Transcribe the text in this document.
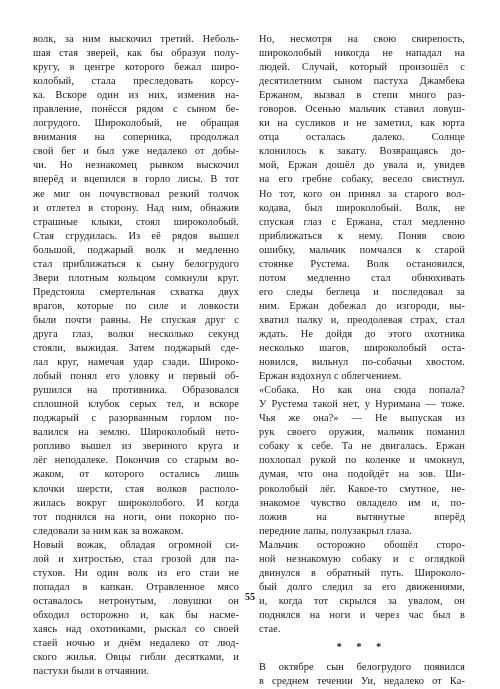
волк, за ним выскочил третий. Неболь-
шая стая зверей, как бы образуя полу-
кругу, в центре которого бежал широ-
колобый, стала преследовать корсу-
ка. Вскоре один из них, изменив на-
правление, понёсся рядом с сыном бе-
логрудого. Широколобый, не обращая
внимания на соперника, продолжал
свой бег и был уже недалеко от добы-
чи. Но незнакомец рывком выскочил
вперёд и вцепился в горло лисы. В тот
же миг он почувствовал резкий толчок
и отлетел в сторону. Над ним, обнажив
страшные клыки, стоял широколобый.
Стая сгрудилась. Из её рядов вышел
большой, поджарый волк и медленно
стал приближаться к сыну белогрудого
Звери плотным кольцом сомкнули круг.
Предстояла смертельная схватка двух
врагов, которые по силе и ловкости
были почти равны. Не спуская друг с
друга глаз, волки несколько секунд
стояли, выжидая. Затем поджарый сде-
лал круг, намечая удар сзади. Широко-
лобый понял его уловку и первый об-
рушился на противника. Образовался
сплошной клубок серых тел, и вскоре
поджарый с разорванным горлом по-
валился на землю. Широколобый нето-
ропливо вышел из звериного круга и
лёг неподалеке. Покончив со старым во-
жаком, от которого остались лишь
клочки шерсти, стая волков располо-
жилась вокруг широколобого. И когда
тот поднялся на ноги, они покорно по-
следовали за ним как за вожаком.
Новый вожак, обладая огромной си-
лой и хитростью, стал грозой для па-
стухов. Ни один волк из его стаи не
попадал в капкан. Отравленное мясо
оставалось нетронутым, ловушки он
обходил осторожно и, как бы насме-
хаясь над охотниками, рыскал со своей
стаей ночью и днём недалеко от люд-
ского жилья. Овцы гибли десятками, и
пастухи были в отчаянии.
Но, несмотря на свою свирепость,
широколобый никогда не нападал на
людей. Случай, который произошёл с
десятилетним сыном пастуха Джамбека
Ержаном, вызвал в степи много раз-
говоров. Осенью мальчик ставил ловуш-
ки на сусликов и не заметил, как юрта
отца осталась далеко. Солнце
клонилось к закату. Возвращаясь до-
мой, Ержан дошёл до увала и, увидев
на его гребне собаку, весело свистнул.
Но тот, кого он принял за старого вол-
кодава, был широколобый. Волк, не
спуская глаз с Ержана, стал медленно
приближаться к нему. Поняв свою
ошибку, мальчик помчался к старой
стоянке Рустема. Волк остановился,
потом медленно стал обнюхивать
его следы беглеца и последовал за
ним. Ержан добежал до изгороди, вы-
хватил палку и, преодолевая страх, стал
ждать. Не дойдя до этого охотника
несколько шагов, широколобый оста-
новился, вильнул по-собачьи хвостом.
Ержан вздохнул с облегчением.
«Собака. Но как она сюда попала?
У Рустема такой нет, у Нуримана — тоже.
Чья же она?» — Не выпуская из
рук своего оружия, мальчик поманил
собаку к себе. Та не двигалась. Ержан
похлопал рукой по коленке и чмокнул,
думая, что она подойдёт на зов. Ши-
роколобый лёг. Какое-то смутное, не-
знакомое чувство овладело им и, по-
ложив на вытянутые вперёд
передние лапы, полузакрыл глаза.
Мальчик осторожно обошёл сторо-
ной незнакомую собаку и с оглядкой
двинулся в обратный путь. Широколо-
бый долго следил за его движениями,
и, когда тот скрылся за увалом, он
поднялся на ноги и через час был в
стае.
* * *
В октябре сын белогрудого появился
в среднем течении Уи, недалеко от Ка-
55
